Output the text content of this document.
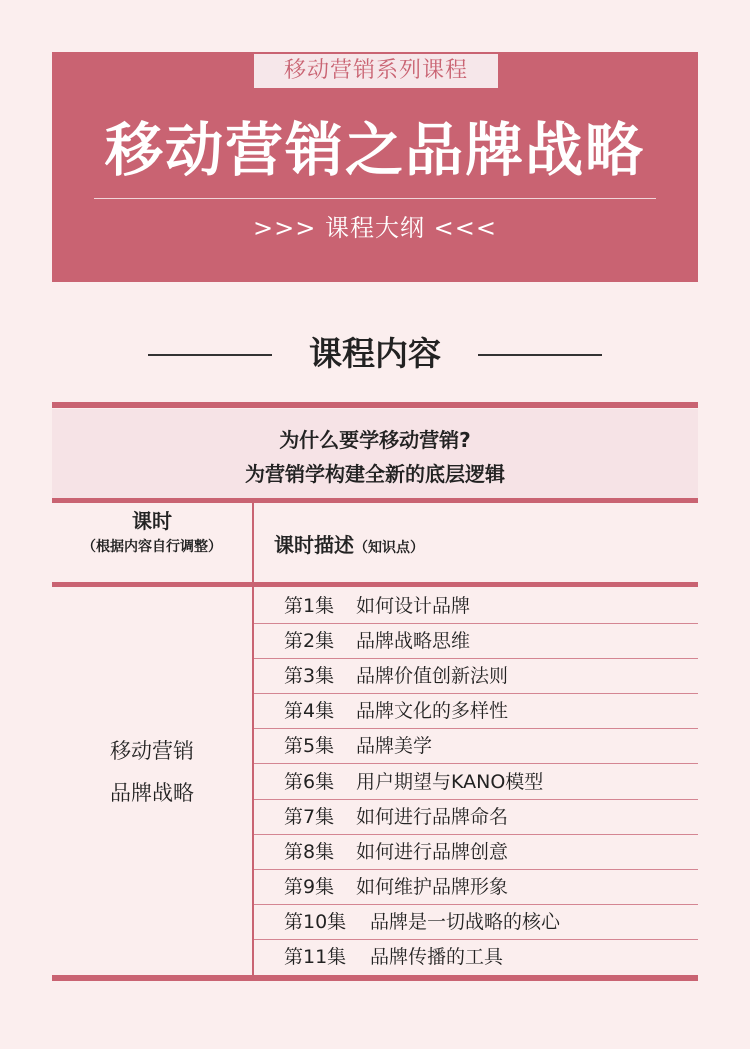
移动营销系列课程
移动营销之品牌战略
>>> 课程大纲 <<<
课程内容
为什么要学移动营销?
为营销学构建全新的底层逻辑
课时
（根据内容自行调整）	课时描述（知识点）
移动营销
品牌战略
第1集 如何设计品牌
第2集 品牌战略思维
第3集 品牌价值创新法则
第4集 品牌文化的多样性
第5集 品牌美学
第6集 用户期望与KANO模型
第7集 如何进行品牌命名
第8集 如何进行品牌创意
第9集 如何维护品牌形象
第10集 品牌是一切战略的核心
第11集 品牌传播的工具
